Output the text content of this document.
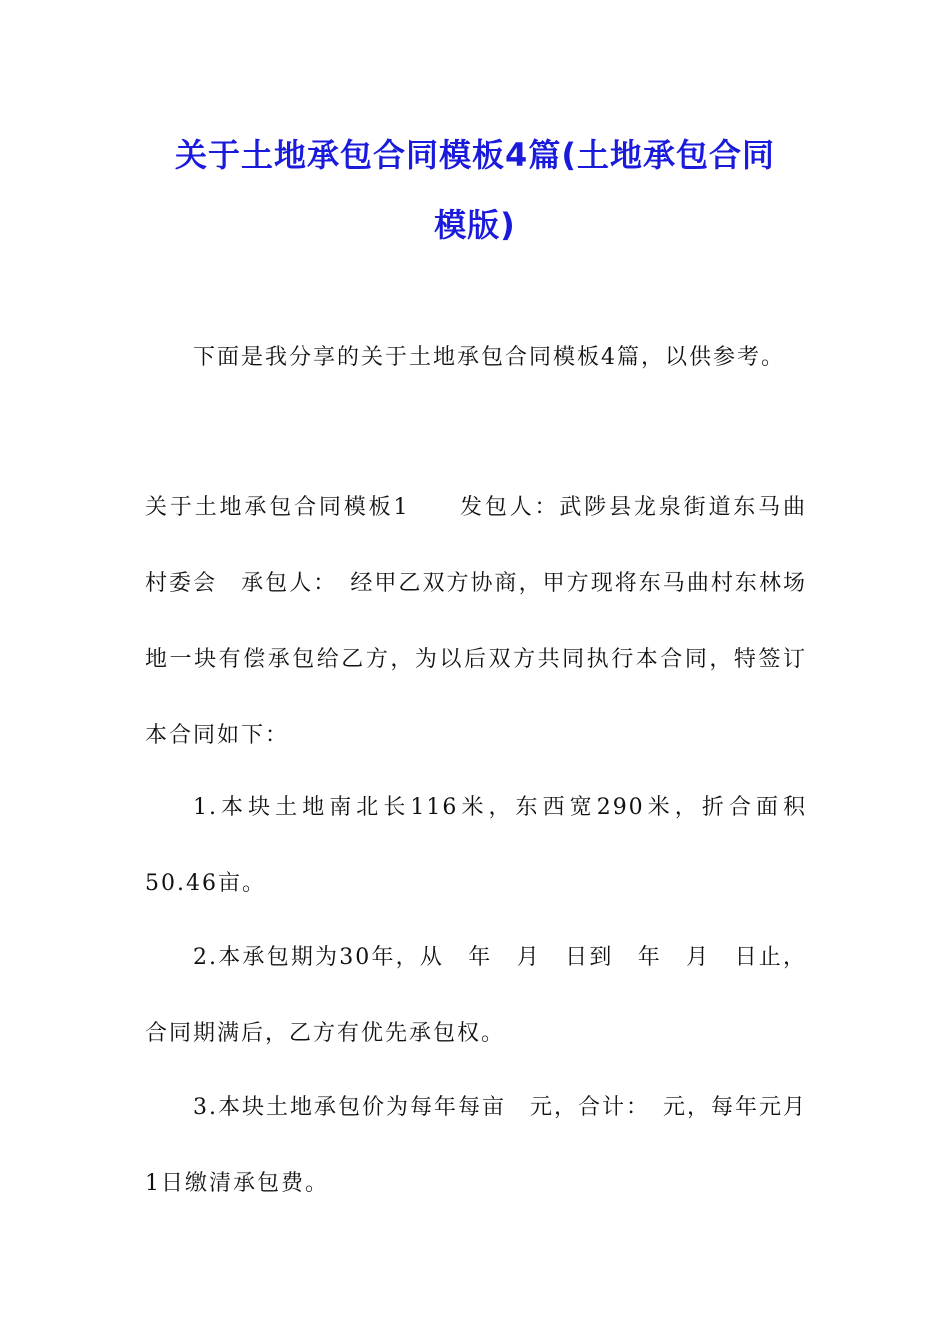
关于土地承包合同模板4篇(土地承包合同
模版)

下面是我分享的关于土地承包合同模板4篇，以供参考。

关于土地承包合同模板1　　发包人：武陟县龙泉街道东马曲村委会　承包人：　经甲乙双方协商，甲方现将东马曲村东林场地一块有偿承包给乙方，为以后双方共同执行本合同，特签订本合同如下：

1.本块土地南北长116米，东西宽290米，折合面积50.46亩。

2.本承包期为30年，从　年　月　日到　年　月　日止，合同期满后，乙方有优先承包权。

3.本块土地承包价为每年每亩　元，合计：　元，每年元月1日缴清承包费。
